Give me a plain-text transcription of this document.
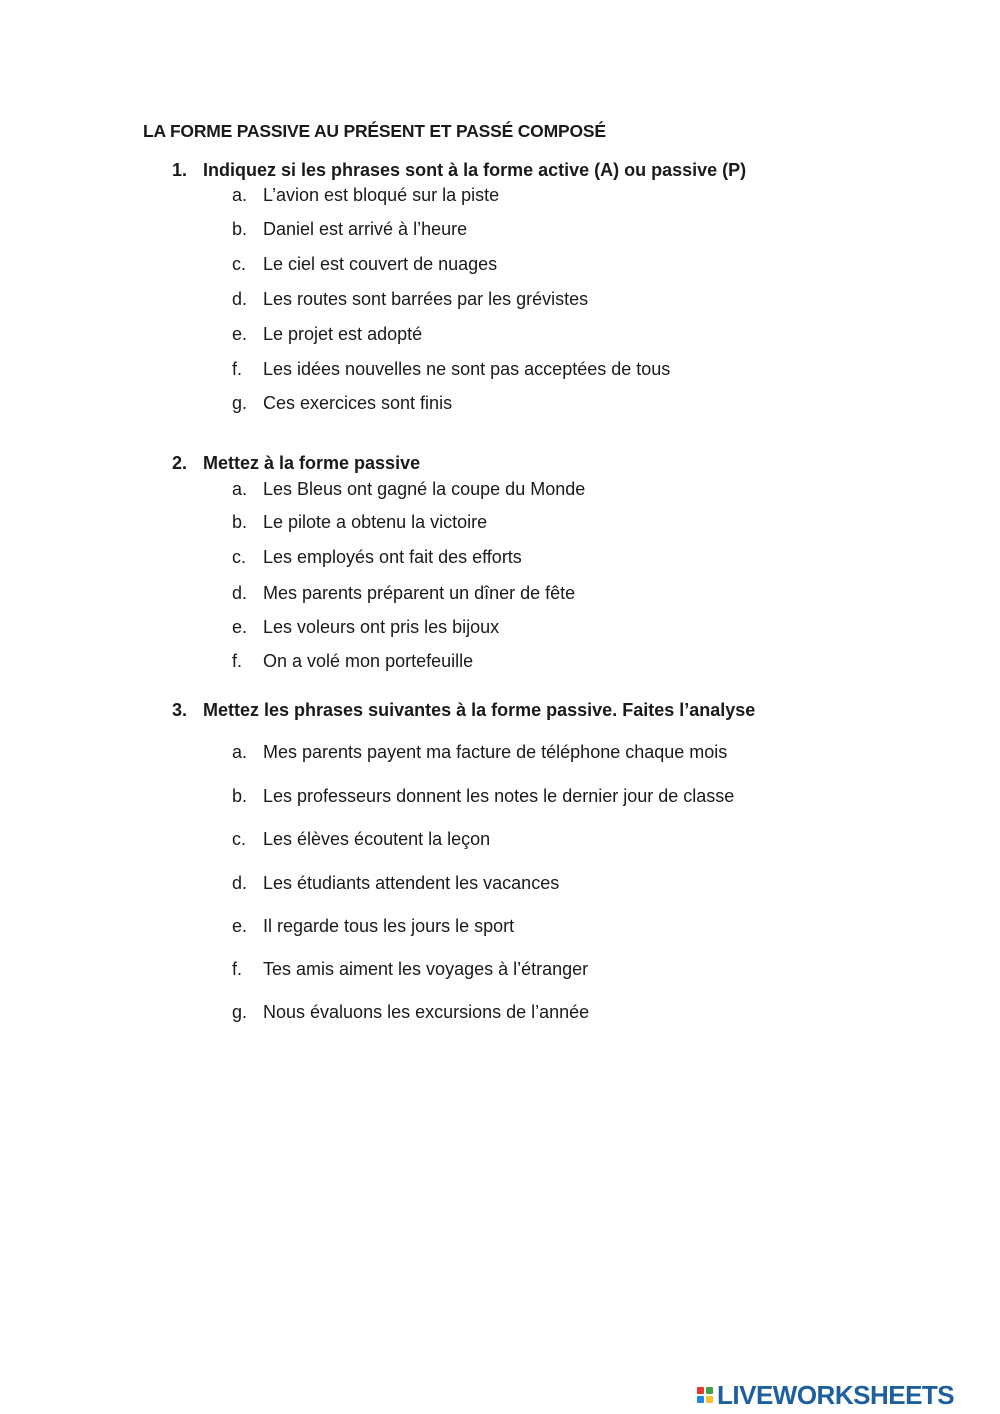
LA FORME PASSIVE AU PRÉSENT ET PASSÉ COMPOSÉ
1. Indiquez si les phrases sont à la forme active (A) ou passive (P)
a. L’avion est bloqué sur la piste
b. Daniel est arrivé à l’heure
c. Le ciel est couvert de nuages
d. Les routes sont barrées par les grévistes
e. Le projet est adopté
f. Les idées nouvelles ne sont pas acceptées de tous
g. Ces exercices sont finis
2. Mettez à la forme passive
a. Les Bleus ont gagné la coupe du Monde
b. Le pilote a obtenu la victoire
c. Les employés ont fait des efforts
d. Mes parents préparent un dîner de fête
e. Les voleurs ont pris les bijoux
f. On a volé mon portefeuille
3. Mettez les phrases suivantes à la forme passive. Faites l’analyse
a. Mes parents payent ma facture de téléphone chaque mois
b. Les professeurs donnent les notes le dernier jour de classe
c. Les élèves écoutent la leçon
d. Les étudiants attendent les vacances
e. Il regarde tous les jours le sport
f. Tes amis aiment les voyages à l’étranger
g. Nous évaluons les excursions de l’année
LIVEWORKSHEETS
